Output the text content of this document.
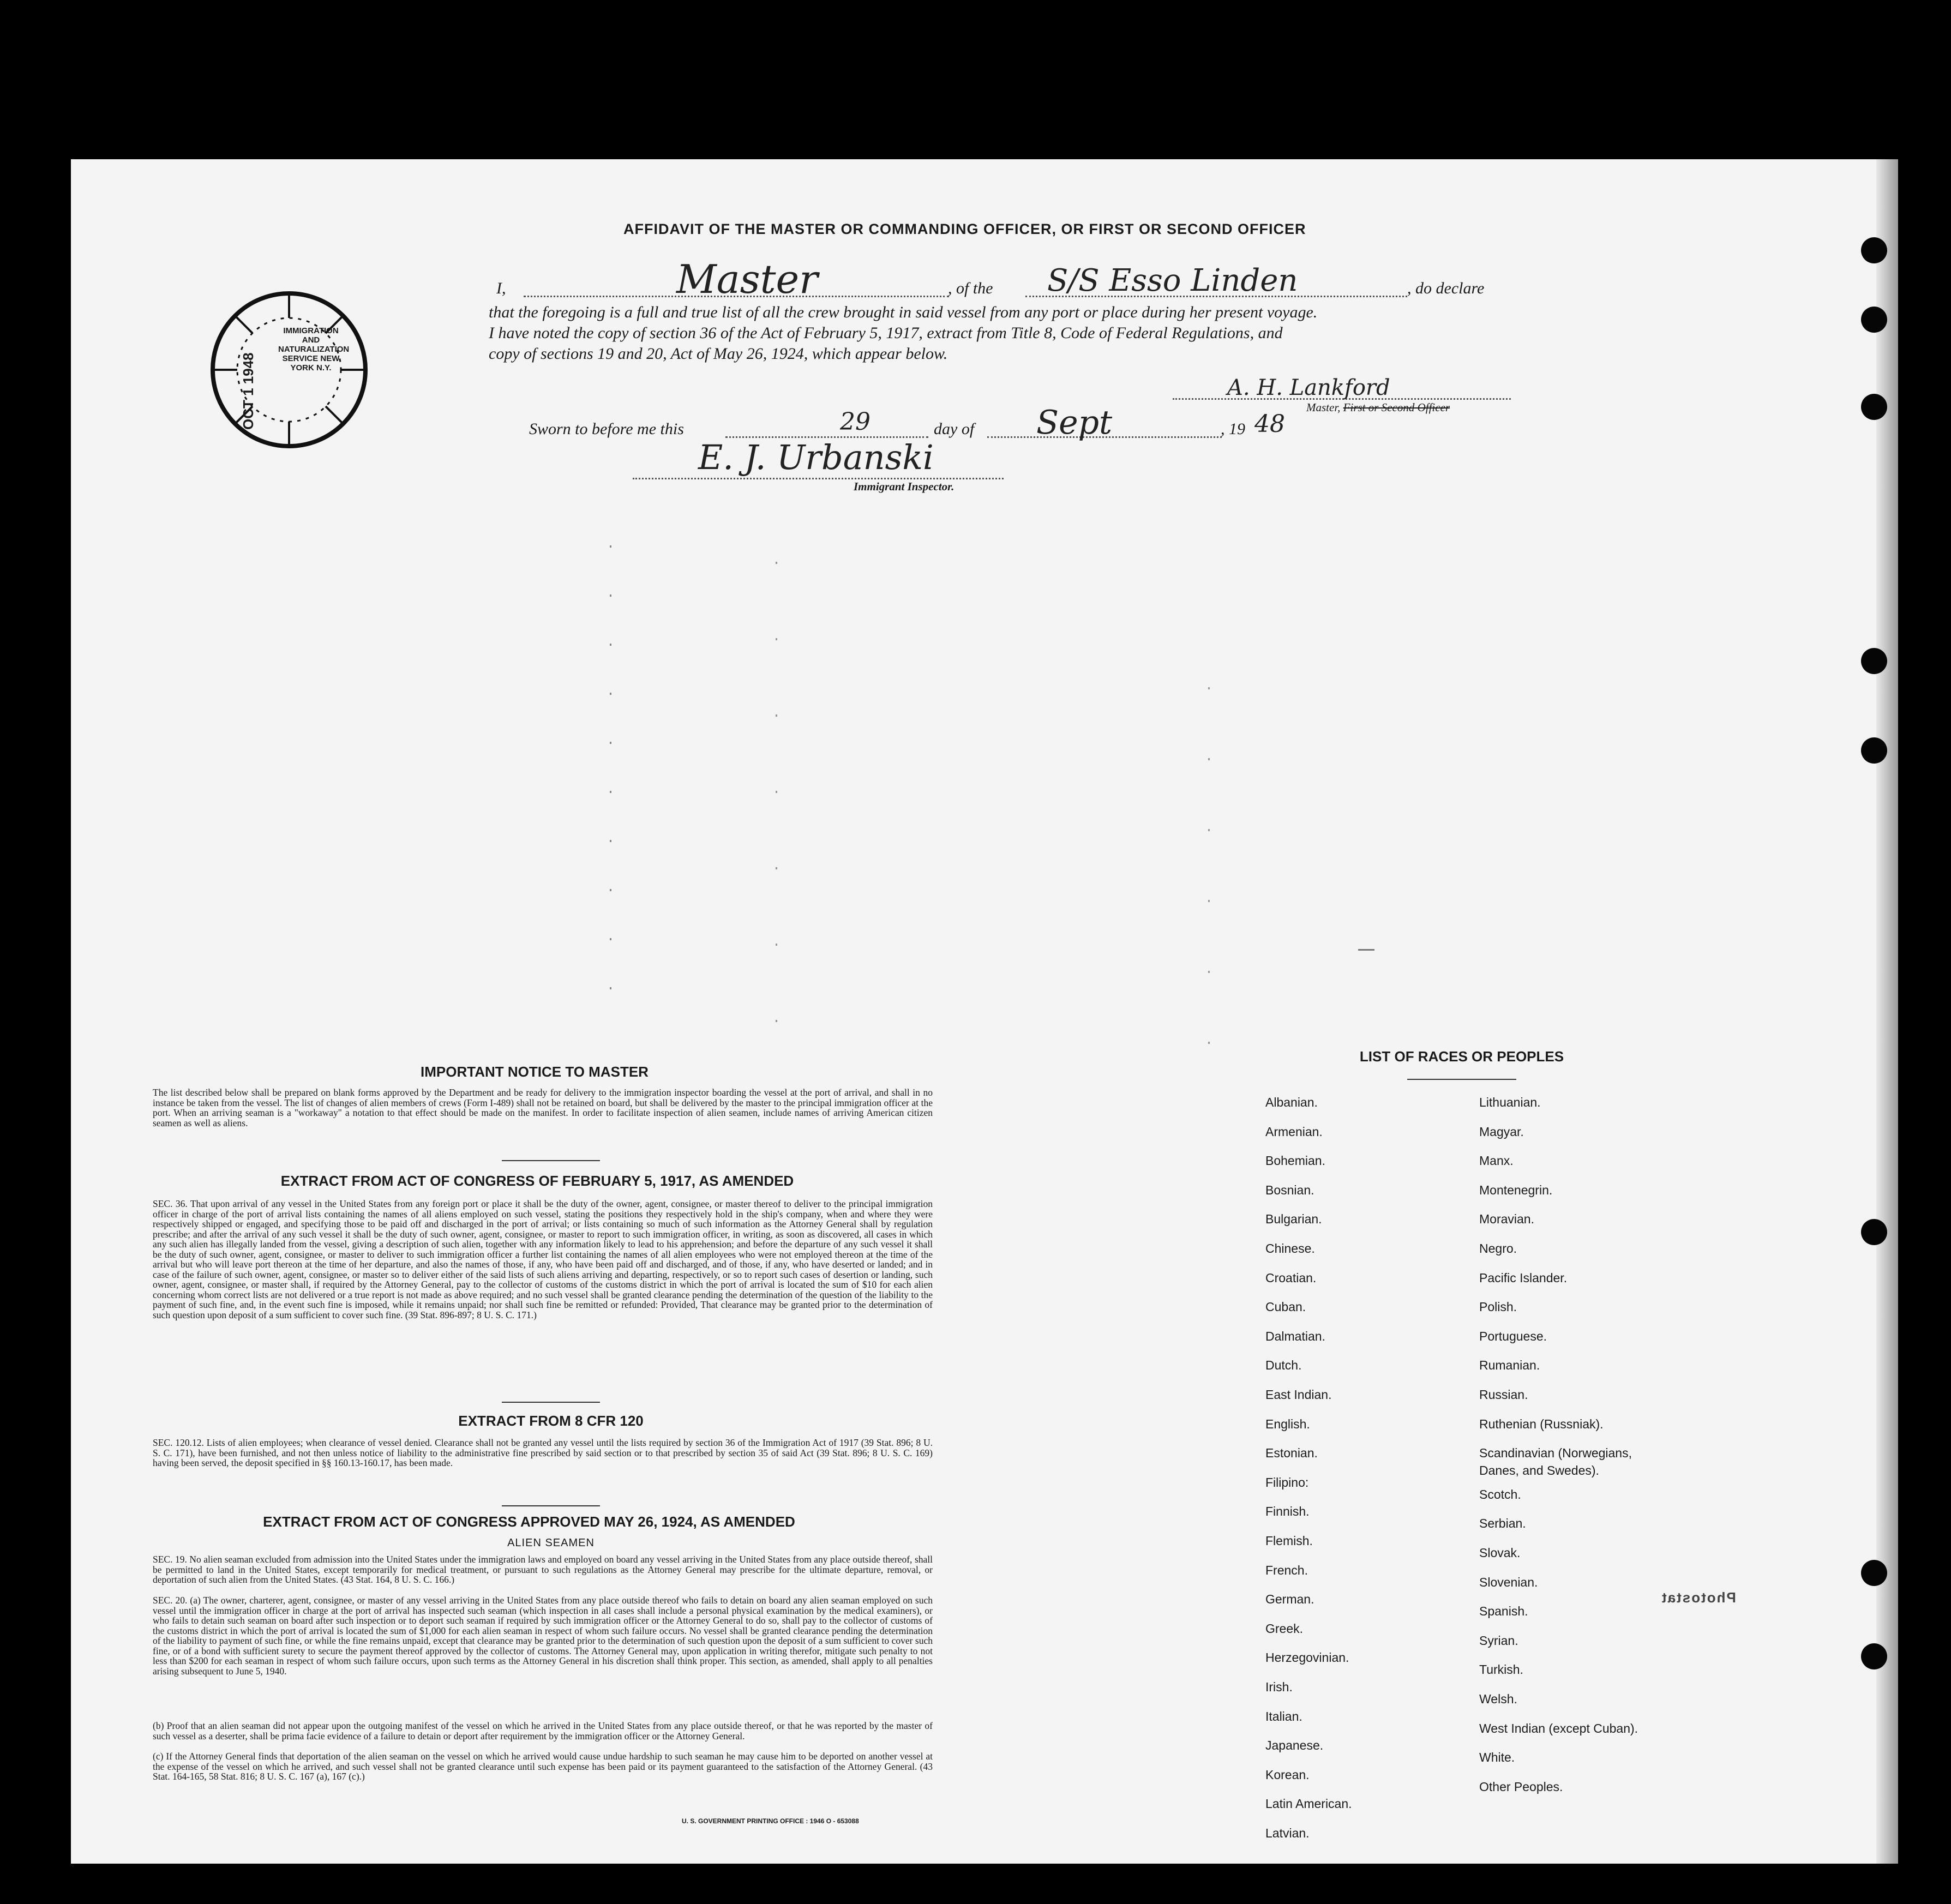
AFFIDAVIT OF THE MASTER OR COMMANDING OFFICER, OR FIRST OR SECOND OFFICER
I,	Master	, of the S/S Esso Linden	, do declare
that the foregoing is a full and true list of all the crew brought in said vessel from any port or place during her present voyage.
I have noted the copy of section 36 of the Act of February 5, 1917, extract from Title 8, Code of Federal Regulations, and
copy of sections 19 and 20, Act of May 26, 1924, which appear below.
A. H. Lankford
Master, First or Second Officer
Sworn to before me this	29	day of Sept	, 19 48
E. J. Urbanski
Immigrant Inspector.
OCT 1 1948
IMMIGRATION AND NATURALIZATION SERVICE NEW YORK N.Y.
IMPORTANT NOTICE TO MASTER
The list described below shall be prepared on blank forms approved by the Department and be ready for delivery to the immigration inspector boarding the vessel at the port of arrival, and shall in no instance be taken from the vessel. The list of changes of alien members of crews (Form I-489) shall not be retained on board, but shall be delivered by the master to the principal immigration officer at the port. When an arriving seaman is a "workaway" a notation to that effect should be made on the manifest. In order to facilitate inspection of alien seamen, include names of arriving American citizen seamen as well as aliens.
EXTRACT FROM ACT OF CONGRESS OF FEBRUARY 5, 1917, AS AMENDED
SEC. 36. That upon arrival of any vessel in the United States from any foreign port or place it shall be the duty of the owner, agent, consignee, or master thereof to deliver to the principal immigration officer in charge of the port of arrival lists containing the names of all aliens employed on such vessel, stating the positions they respectively hold in the ship's company, when and where they were respectively shipped or engaged, and specifying those to be paid off and discharged in the port of arrival; or lists containing so much of such information as the Attorney General shall by regulation prescribe; and after the arrival of any such vessel it shall be the duty of such owner, agent, consignee, or master to report to such immigration officer, in writing, as soon as discovered, all cases in which any such alien has illegally landed from the vessel, giving a description of such alien, together with any information likely to lead to his apprehension; and before the departure of any such vessel it shall be the duty of such owner, agent, consignee, or master to deliver to such immigration officer a further list containing the names of all alien employees who were not employed thereon at the time of the arrival but who will leave port thereon at the time of her departure, and also the names of those, if any, who have been paid off and discharged, and of those, if any, who have deserted or landed; and in case of the failure of such owner, agent, consignee, or master so to deliver either of the said lists of such aliens arriving and departing, respectively, or so to report such cases of desertion or landing, such owner, agent, consignee, or master shall, if required by the Attorney General, pay to the collector of customs of the customs district in which the port of arrival is located the sum of $10 for each alien concerning whom correct lists are not delivered or a true report is not made as above required; and no such vessel shall be granted clearance pending the determination of the question of the liability to the payment of such fine, and, in the event such fine is imposed, while it remains unpaid; nor shall such fine be remitted or refunded: Provided, That clearance may be granted prior to the determination of such question upon deposit of a sum sufficient to cover such fine. (39 Stat. 896-897; 8 U. S. C. 171.)
EXTRACT FROM 8 CFR 120
SEC. 120.12. Lists of alien employees; when clearance of vessel denied. Clearance shall not be granted any vessel until the lists required by section 36 of the Immigration Act of 1917 (39 Stat. 896; 8 U. S. C. 171), have been furnished, and not then unless notice of liability to the administrative fine prescribed by said section or to that prescribed by section 35 of said Act (39 Stat. 896; 8 U. S. C. 169) having been served, the deposit specified in §§ 160.13-160.17, has been made.
EXTRACT FROM ACT OF CONGRESS APPROVED MAY 26, 1924, AS AMENDED
ALIEN SEAMEN
SEC. 19. No alien seaman excluded from admission into the United States under the immigration laws and employed on board any vessel arriving in the United States from any place outside thereof, shall be permitted to land in the United States, except temporarily for medical treatment, or pursuant to such regulations as the Attorney General may prescribe for the ultimate departure, removal, or deportation of such alien from the United States. (43 Stat. 164, 8 U. S. C. 166.)
SEC. 20. (a) The owner, charterer, agent, consignee, or master of any vessel arriving in the United States from any place outside thereof who fails to detain on board any alien seaman employed on such vessel until the immigration officer in charge at the port of arrival has inspected such seaman (which inspection in all cases shall include a personal physical examination by the medical examiners), or who fails to detain such seaman on board after such inspection or to deport such seaman if required by such immigration officer or the Attorney General to do so, shall pay to the collector of customs of the customs district in which the port of arrival is located the sum of $1,000 for each alien seaman in respect of whom such failure occurs. No vessel shall be granted clearance pending the determination of the liability to payment of such fine, or while the fine remains unpaid, except that clearance may be granted prior to the determination of such question upon the deposit of a sum sufficient to cover such fine, or of a bond with sufficient surety to secure the payment thereof approved by the collector of customs. The Attorney General may, upon application in writing therefor, mitigate such penalty to not less than $200 for each seaman in respect of whom such failure occurs, upon such terms as the Attorney General in his discretion shall think proper. This section, as amended, shall apply to all penalties arising subsequent to June 5, 1940.
(b) Proof that an alien seaman did not appear upon the outgoing manifest of the vessel on which he arrived in the United States from any place outside thereof, or that he was reported by the master of such vessel as a deserter, shall be prima facie evidence of a failure to detain or deport after requirement by the immigration officer or the Attorney General.
(c) If the Attorney General finds that deportation of the alien seaman on the vessel on which he arrived would cause undue hardship to such seaman he may cause him to be deported on another vessel at the expense of the vessel on which he arrived, and such vessel shall not be granted clearance until such expense has been paid or its payment guaranteed to the satisfaction of the Attorney General. (43 Stat. 164-165, 58 Stat. 816; 8 U. S. C. 167 (a), 167 (c).)
U. S. GOVERNMENT PRINTING OFFICE : 1946 O - 653088
LIST OF RACES OR PEOPLES
Albanian.
Armenian.
Bohemian.
Bosnian.
Bulgarian.
Chinese.
Croatian.
Cuban.
Dalmatian.
Dutch.
East Indian.
English.
Estonian.
Filipino:
Finnish.
Flemish.
French.
German.
Greek.
Herzegovinian.
Irish.
Italian.
Japanese.
Korean.
Latin American.
Latvian.
Lithuanian.
Magyar.
Manx.
Montenegrin.
Moravian.
Negro.
Pacific Islander.
Polish.
Portuguese.
Rumanian.
Russian.
Ruthenian (Russniak).
Scandinavian (Norwegians,
Danes, and Swedes).
Scotch.
Serbian.
Slovak.
Slovenian.
Spanish.
Syrian.
Turkish.
Welsh.
West Indian (except Cuban).
White.
Other Peoples.
Photostat
